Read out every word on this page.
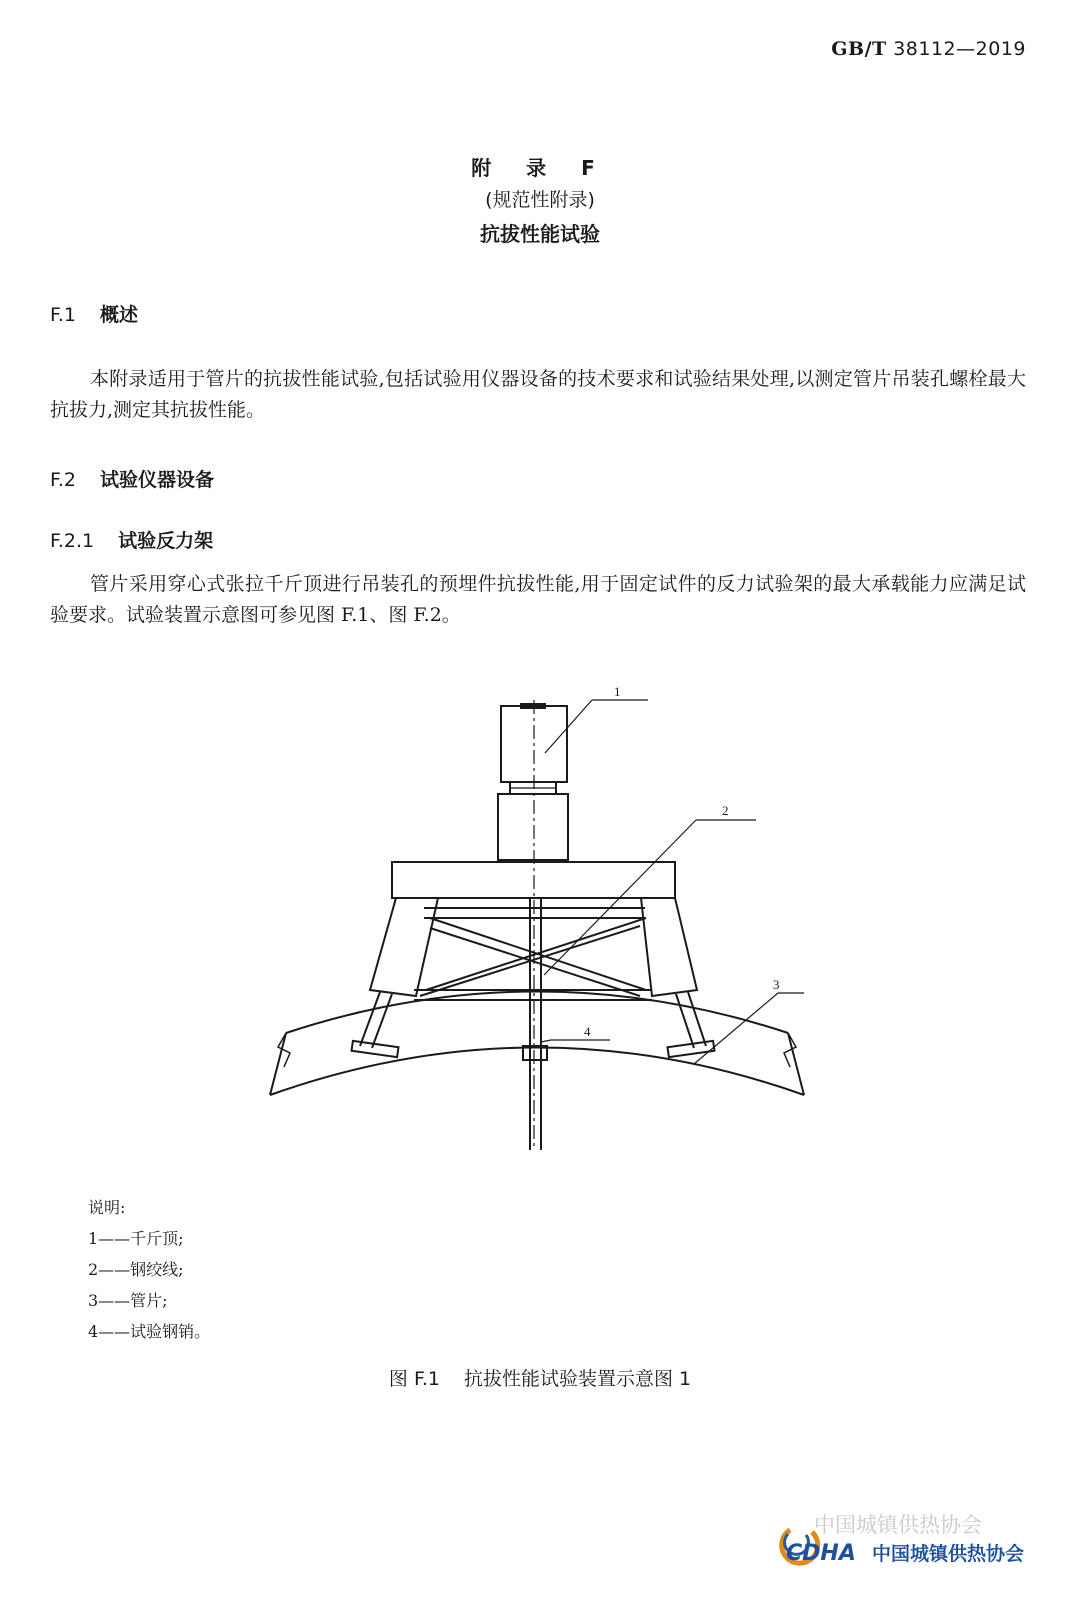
GB/T 38112—2019
附 录 F
(规范性附录)
抗拔性能试验
F.1 概述
本附录适用于管片的抗拔性能试验,包括试验用仪器设备的技术要求和试验结果处理,以测定管片吊装孔螺栓最大抗拔力,测定其抗拔性能。
F.2 试验仪器设备
F.2.1 试验反力架
管片采用穿心式张拉千斤顶进行吊装孔的预埋件抗拔性能,用于固定试件的反力试验架的最大承载能力应满足试验要求。试验装置示意图可参见图 F.1、图 F.2。
1
2
3
4
说明:
1——千斤顶;
2——钢绞线;
3——管片;
4——试验钢销。
图 F.1 抗拔性能试验装置示意图 1
中国城镇供热协会
CDHA 中国城镇供热协会
